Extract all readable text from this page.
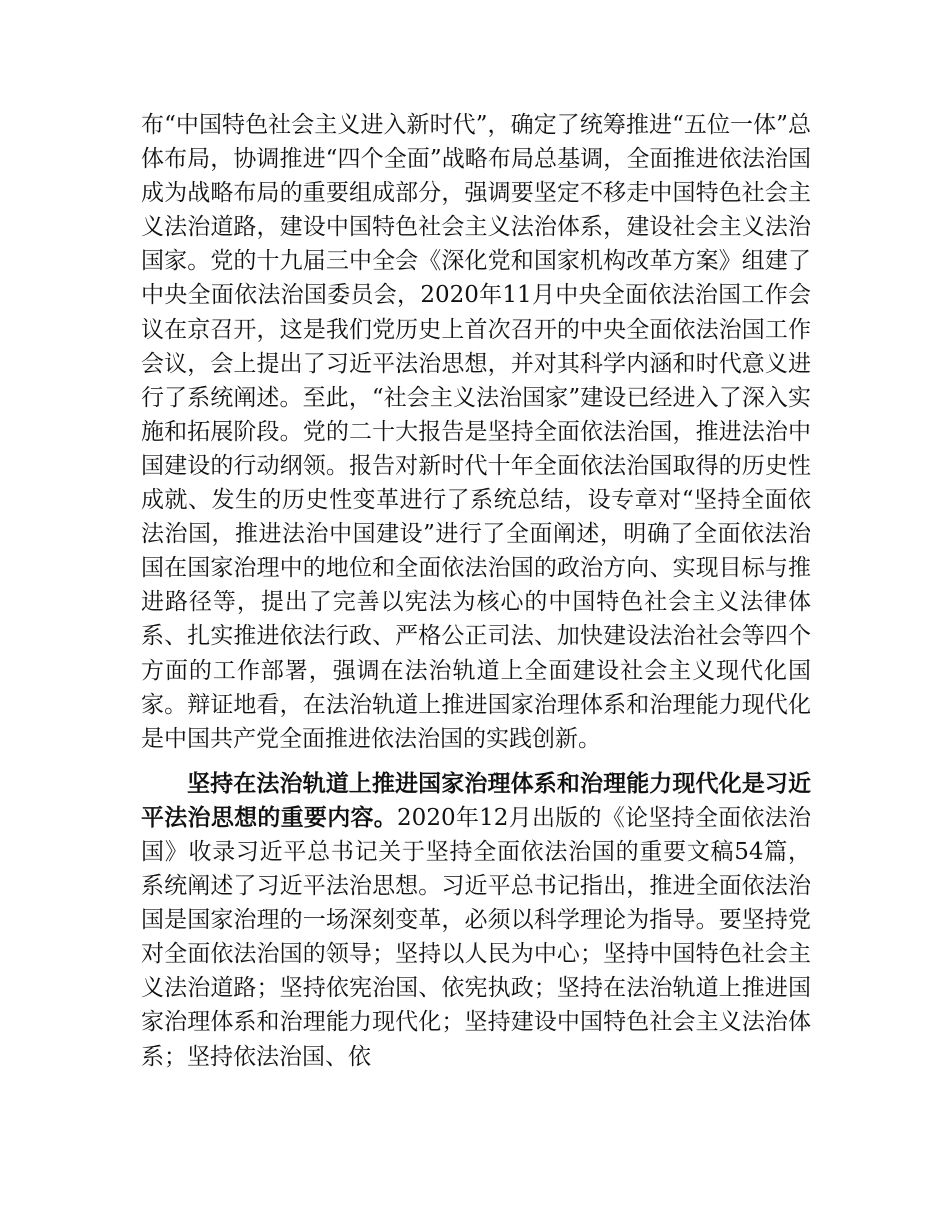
布“中国特色社会主义进入新时代”，确定了统筹推进“五位一体”总体布局，协调推进“四个全面”战略布局总基调，全面推进依法治国成为战略布局的重要组成部分，强调要坚定不移走中国特色社会主义法治道路，建设中国特色社会主义法治体系，建设社会主义法治国家。党的十九届三中全会《深化党和国家机构改革方案》组建了中央全面依法治国委员会，2020年11月中央全面依法治国工作会议在京召开，这是我们党历史上首次召开的中央全面依法治国工作会议，会上提出了习近平法治思想，并对其科学内涵和时代意义进行了系统阐述。至此，“社会主义法治国家”建设已经进入了深入实施和拓展阶段。党的二十大报告是坚持全面依法治国，推进法治中国建设的行动纲领。报告对新时代十年全面依法治国取得的历史性成就、发生的历史性变革进行了系统总结，设专章对“坚持全面依法治国，推进法治中国建设”进行了全面阐述，明确了全面依法治国在国家治理中的地位和全面依法治国的政治方向、实现目标与推进路径等，提出了完善以宪法为核心的中国特色社会主义法律体系、扎实推进依法行政、严格公正司法、加快建设法治社会等四个方面的工作部署，强调在法治轨道上全面建设社会主义现代化国家。辩证地看，在法治轨道上推进国家治理体系和治理能力现代化是中国共产党全面推进依法治国的实践创新。

坚持在法治轨道上推进国家治理体系和治理能力现代化是习近平法治思想的重要内容。2020年12月出版的《论坚持全面依法治国》收录习近平总书记关于坚持全面依法治国的重要文稿54篇，系统阐述了习近平法治思想。习近平总书记指出，推进全面依法治国是国家治理的一场深刻变革，必须以科学理论为指导。要坚持党对全面依法治国的领导；坚持以人民为中心；坚持中国特色社会主义法治道路；坚持依宪治国、依宪执政；坚持在法治轨道上推进国家治理体系和治理能力现代化；坚持建设中国特色社会主义法治体系；坚持依法治国、依
